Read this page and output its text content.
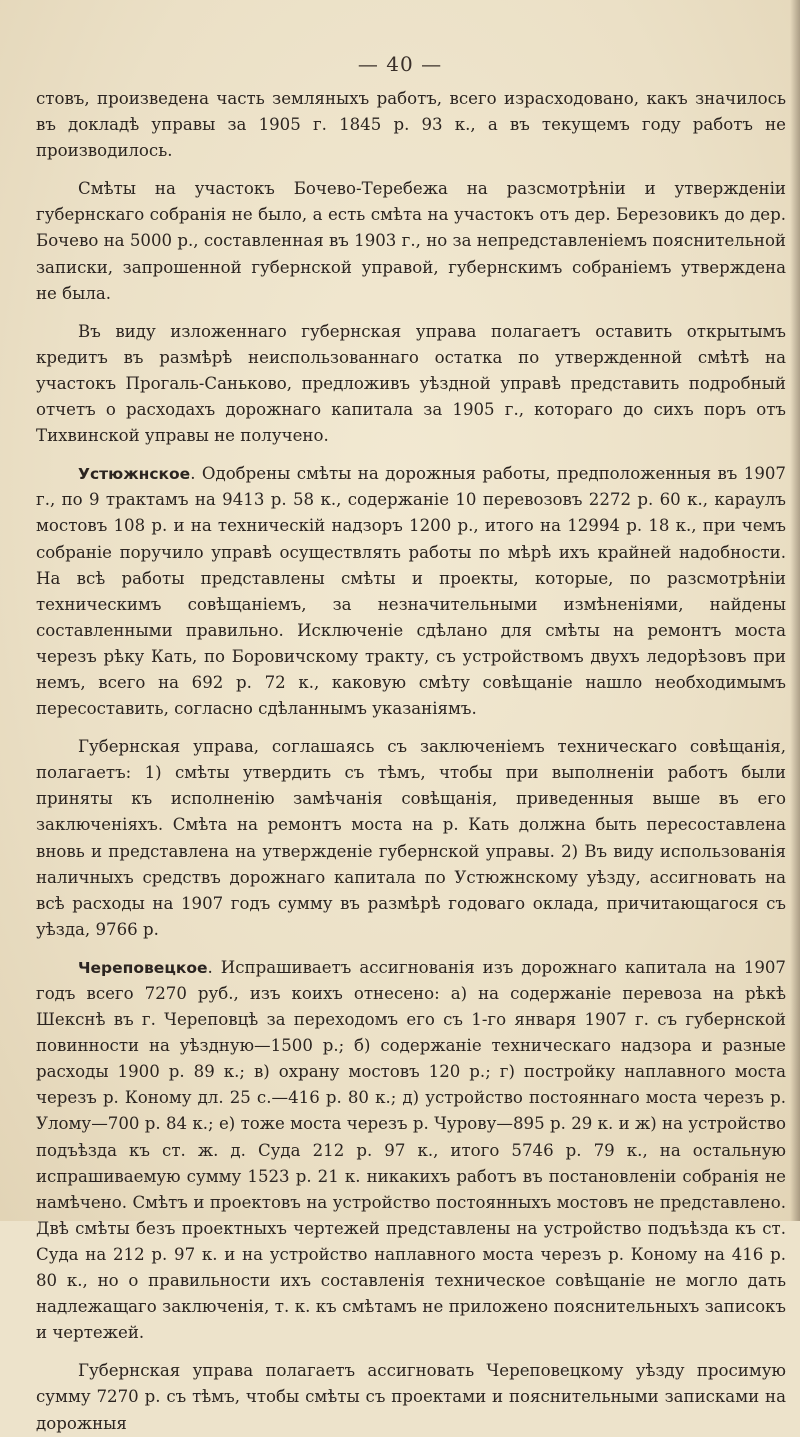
— 40 —

стовъ, произведена часть земляныхъ работъ, всего израсходовано, какъ значилось въ докладѣ управы за 1905 г. 1845 р. 93 к., а въ текущемъ году работъ не производилось.

Смѣты на участокъ Бочево-Теребежа на разсмотрѣніи и утвержденіи губернскаго собранія не было, а есть смѣта на участокъ отъ дер. Березовикъ до дер. Бочево на 5000 р., составленная въ 1903 г., но за непредставленіемъ пояснительной записки, запрошенной губернской управой, губернскимъ собраніемъ утверждена не была.

Въ виду изложеннаго губернская управа полагаетъ оставить открытымъ кредитъ въ размѣрѣ неиспользованнаго остатка по утвержденной смѣтѣ на участокъ Прогаль-Саньково, предложивъ уѣздной управѣ представить подробный отчетъ о расходахъ дорожнаго капитала за 1905 г., котораго до сихъ поръ отъ Тихвинской управы не получено.

Устюжнское. Одобрены смѣты на дорожныя работы, предположенныя въ 1907 г., по 9 трактамъ на 9413 р. 58 к., содержаніе 10 перевозовъ 2272 р. 60 к., караулъ мостовъ 108 р. и на техническій надзоръ 1200 р., итого на 12994 р. 18 к., при чемъ собраніе поручило управѣ осуществлять работы по мѣрѣ ихъ крайней надобности. На всѣ работы представлены смѣты и проекты, которые, по разсмотрѣніи техническимъ совѣщаніемъ, за незначительными измѣненіями, найдены составленными правильно. Исключеніе сдѣлано для смѣты на ремонтъ моста черезъ рѣку Кать, по Боровичскому тракту, съ устройствомъ двухъ ледорѣзовъ при немъ, всего на 692 р. 72 к., каковую смѣту совѣщаніе нашло необходимымъ пересоставить, согласно сдѣланнымъ указаніямъ.

Губернская управа, соглашаясь съ заключеніемъ техническаго совѣщанія, полагаетъ: 1) смѣты утвердить съ тѣмъ, чтобы при выполненіи работъ были приняты къ исполненію замѣчанія совѣщанія, приведенныя выше въ его заключеніяхъ. Смѣта на ремонтъ моста на р. Кать должна быть пересоставлена вновь и представлена на утвержденіе губернской управы. 2) Въ виду использованія наличныхъ средствъ дорожнаго капитала по Устюжнскому уѣзду, ассигновать на всѣ расходы на 1907 годъ сумму въ размѣрѣ годоваго оклада, причитающагося съ уѣзда, 9766 р.

Череповецкое. Испрашиваетъ ассигнованія изъ дорожнаго капитала на 1907 годъ всего 7270 руб., изъ коихъ отнесено: а) на содержаніе перевоза на рѣкѣ Шекснѣ въ г. Череповцѣ за переходомъ его съ 1-го января 1907 г. съ губернской повинности на уѣздную—1500 р.; б) содержаніе техническаго надзора и разные расходы 1900 р. 89 к.; в) охрану мостовъ 120 р.; г) постройку наплавного моста черезъ р. Коному дл. 25 с.—416 р. 80 к.; д) устройство постояннаго моста черезъ р. Улому—700 р. 84 к.; е) тоже моста черезъ р. Чурову—895 р. 29 к. и ж) на устройство подъѣзда къ ст. ж. д. Суда 212 р. 97 к., итого 5746 р. 79 к., на остальную испрашиваемую сумму 1523 р. 21 к. никакихъ работъ въ постановленіи собранія не намѣчено. Смѣтъ и проектовъ на устройство постоянныхъ мостовъ не представлено. Двѣ смѣты безъ проектныхъ чертежей представлены на устройство подъѣзда къ ст. Суда на 212 р. 97 к. и на устройство наплавного моста черезъ р. Коному на 416 р. 80 к., но о правильности ихъ составленія техническое совѣщаніе не могло дать надлежащаго заключенія, т. к. къ смѣтамъ не приложено пояснительныхъ записокъ и чертежей.

Губернская управа полагаетъ ассигновать Череповецкому уѣзду просимую сумму 7270 р. съ тѣмъ, чтобы смѣты съ проектами и пояснительными записками на дорожныя
